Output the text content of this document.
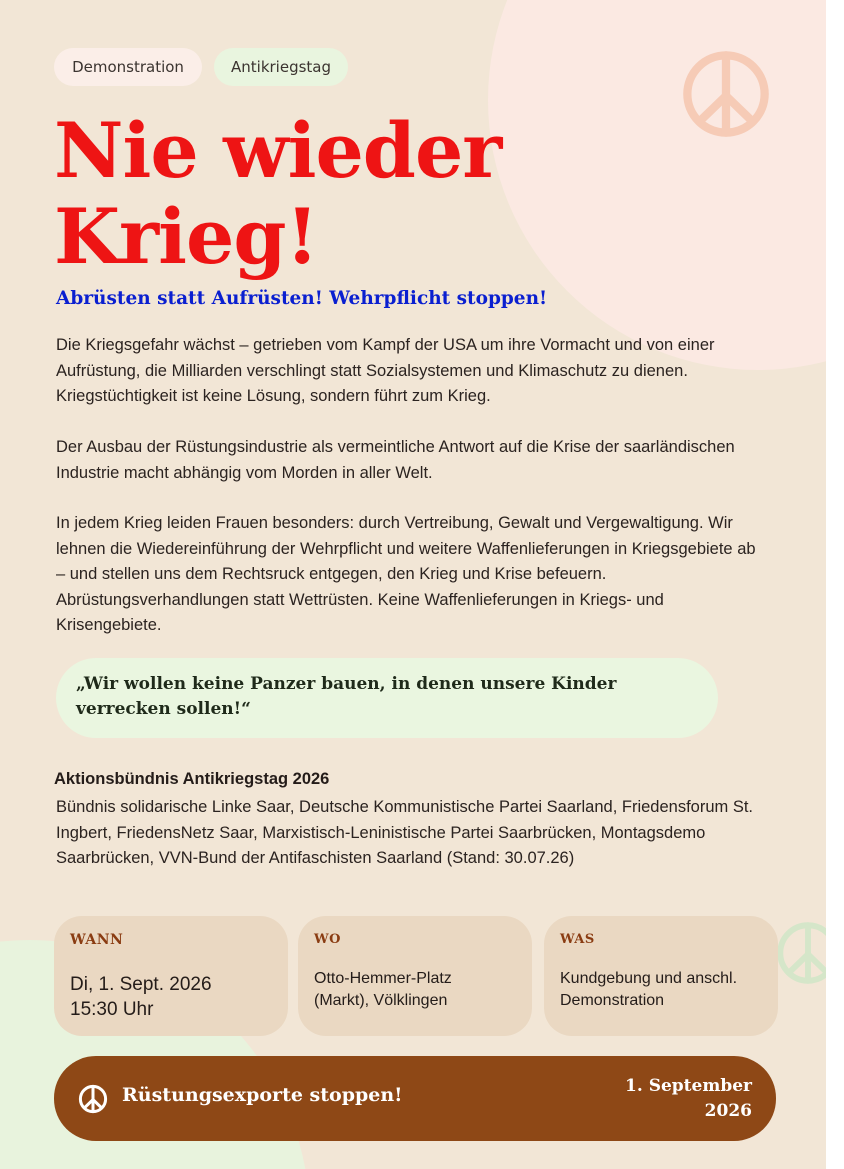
Demonstration	Antikriegstag
Nie wieder Krieg!
Abrüsten statt Aufrüsten! Wehrpflicht stoppen!

Die Kriegsgefahr wächst – getrieben vom Kampf der USA um ihre Vormacht und von einer Aufrüstung, die Milliarden verschlingt statt Sozialsystemen und Klimaschutz zu dienen. Kriegstüchtigkeit ist keine Lösung, sondern führt zum Krieg.

Der Ausbau der Rüstungsindustrie als vermeintliche Antwort auf die Krise der saarländischen Industrie macht abhängig vom Morden in aller Welt.

In jedem Krieg leiden Frauen besonders: durch Vertreibung, Gewalt und Vergewaltigung. Wir lehnen die Wiedereinführung der Wehrpflicht und weitere Waffenlieferungen in Kriegsgebiete ab – und stellen uns dem Rechtsruck entgegen, den Krieg und Krise befeuern. Abrüstungsverhandlungen statt Wettrüsten. Keine Waffenlieferungen in Kriegs- und Krisengebiete.

„Wir wollen keine Panzer bauen, in denen unsere Kinder verrecken sollen!“

Aktionsbündnis Antikriegstag 2026

Bündnis solidarische Linke Saar, Deutsche Kommunistische Partei Saarland, Friedensforum St. Ingbert, FriedensNetz Saar, Marxistisch-Leninistische Partei Saarbrücken, Montagsdemo Saarbrücken, VVN-Bund der Antifaschisten Saarland (Stand: 30.07.26)

WANN

Di, 1. Sept. 2026
15:30 Uhr

WO

Otto-Hemmer-Platz
(Markt), Völklingen

WAS

Kundgebung und anschl.
Demonstration

Rüstungsexporte stoppen!	1. September
2026
